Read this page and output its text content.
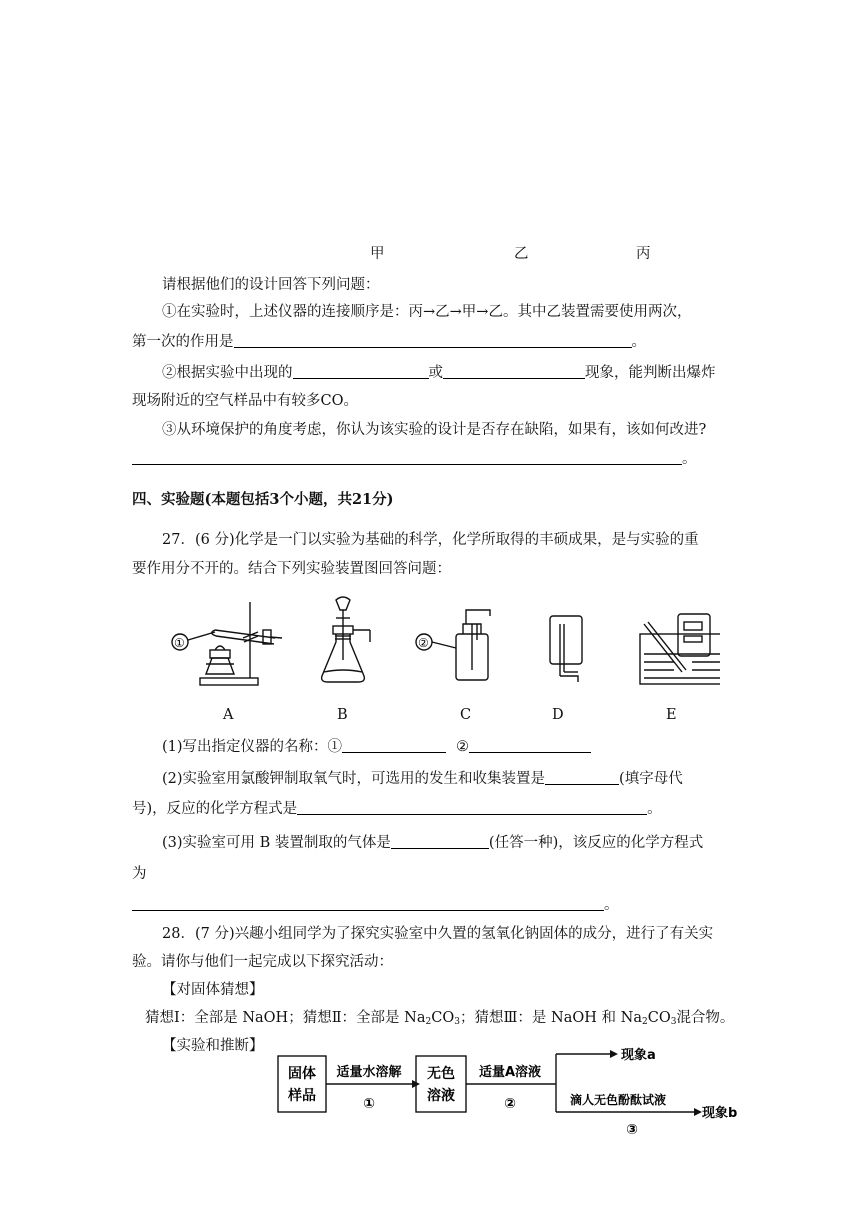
甲	乙	丙
请根据他们的设计回答下列问题：
①在实验时，上述仪器的连接顺序是：丙→乙→甲→乙。其中乙装置需要使用两次，
第一次的作用是	。
②根据实验中出现的	或	现象，能判断出爆炸
现场附近的空气样品中有较多CO。
③从环境保护的角度考虑，你认为该实验的设计是否存在缺陷，如果有，该如何改进?
。
四、实验题(本题包括3个小题，共21分)
27．(6 分)化学是一门以实验为基础的科学，化学所取得的丰硕成果，是与实验的重
要作用分不开的。结合下列实验装置图回答问题：
①	②
A	B	C	D	E
(1)写出指定仪器的名称：①	②
(2)实验室用氯酸钾制取氧气时，可选用的发生和收集装置是	(填字母代
号)，反应的化学方程式是	。
(3)实验室可用 B 装置制取的气体是	(任答一种)，该反应的化学方程式
为
。
28．(7 分)兴趣小组同学为了探究实验室中久置的氢氧化钠固体的成分，进行了有关实
验。请你与他们一起完成以下探究活动：
【对固体猜想】
猜想Ⅰ：全部是 NaOH；猜想Ⅱ：全部是 $Na_2CO_3$；猜想Ⅲ：是 NaOH 和 $Na_2CO_3$混合物。
【实验和推断】
固体
样品
适量水溶解
①
无色
溶液
适量A溶液
②
现象a
滴人无色酚酞试液
③
现象b
